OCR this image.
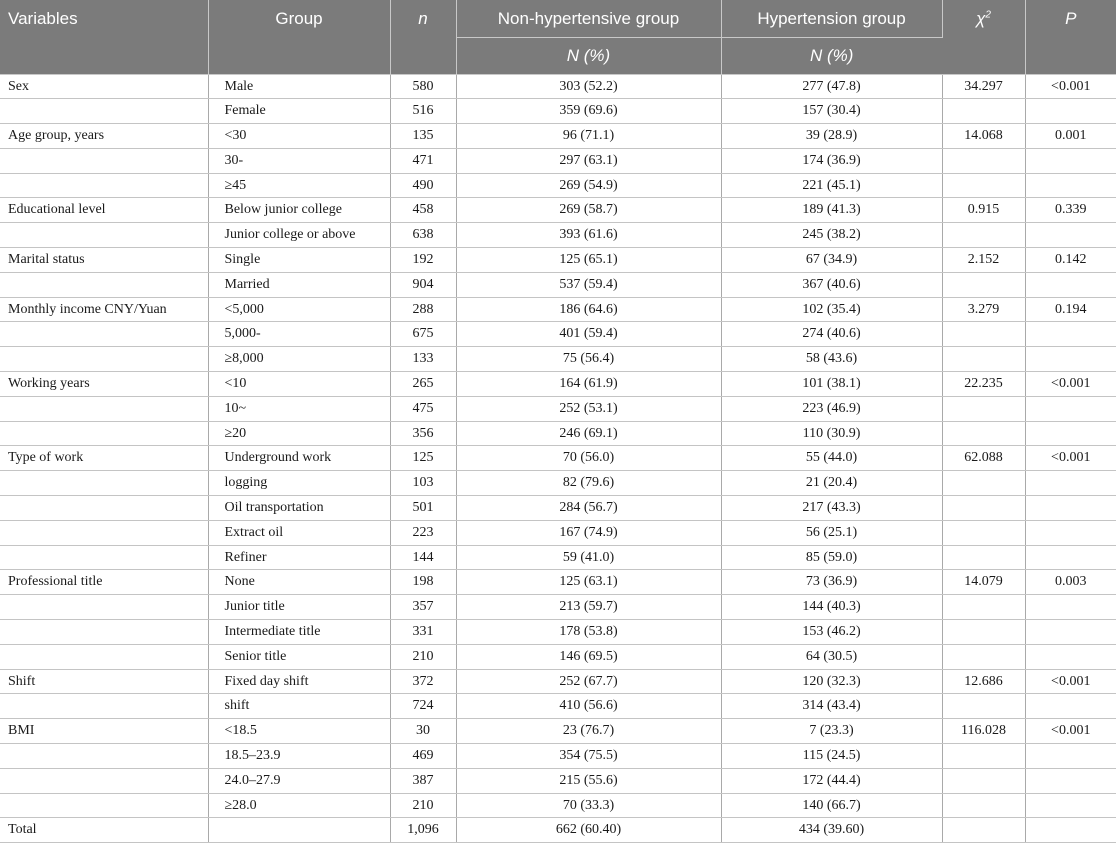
Variables	Group	n	Non-hypertensive group	Hypertension group	$\chi^2$	P
			N (%)	N (%)		
Sex	Male	580	303 (52.2)	277 (47.8)	34.297	<0.001
	Female	516	359 (69.6)	157 (30.4)		
Age group, years	<30	135	96 (71.1)	39 (28.9)	14.068	0.001
	30-	471	297 (63.1)	174 (36.9)		
	≥45	490	269 (54.9)	221 (45.1)		
Educational level	Below junior college	458	269 (58.7)	189 (41.3)	0.915	0.339
	Junior college or above	638	393 (61.6)	245 (38.2)		
Marital status	Single	192	125 (65.1)	67 (34.9)	2.152	0.142
	Married	904	537 (59.4)	367 (40.6)		
Monthly income CNY/Yuan	<5,000	288	186 (64.6)	102 (35.4)	3.279	0.194
	5,000-	675	401 (59.4)	274 (40.6)		
	≥8,000	133	75 (56.4)	58 (43.6)		
Working years	<10	265	164 (61.9)	101 (38.1)	22.235	<0.001
	10~	475	252 (53.1)	223 (46.9)		
	≥20	356	246 (69.1)	110 (30.9)		
Type of work	Underground work	125	70 (56.0)	55 (44.0)	62.088	<0.001
	logging	103	82 (79.6)	21 (20.4)		
	Oil transportation	501	284 (56.7)	217 (43.3)		
	Extract oil	223	167 (74.9)	56 (25.1)		
	Refiner	144	59 (41.0)	85 (59.0)		
Professional title	None	198	125 (63.1)	73 (36.9)	14.079	0.003
	Junior title	357	213 (59.7)	144 (40.3)		
	Intermediate title	331	178 (53.8)	153 (46.2)		
	Senior title	210	146 (69.5)	64 (30.5)		
Shift	Fixed day shift	372	252 (67.7)	120 (32.3)	12.686	<0.001
	shift	724	410 (56.6)	314 (43.4)		
BMI	<18.5	30	23 (76.7)	7 (23.3)	116.028	<0.001
	18.5–23.9	469	354 (75.5)	115 (24.5)		
	24.0–27.9	387	215 (55.6)	172 (44.4)		
	≥28.0	210	70 (33.3)	140 (66.7)		
Total		1,096	662 (60.40)	434 (39.60)		
